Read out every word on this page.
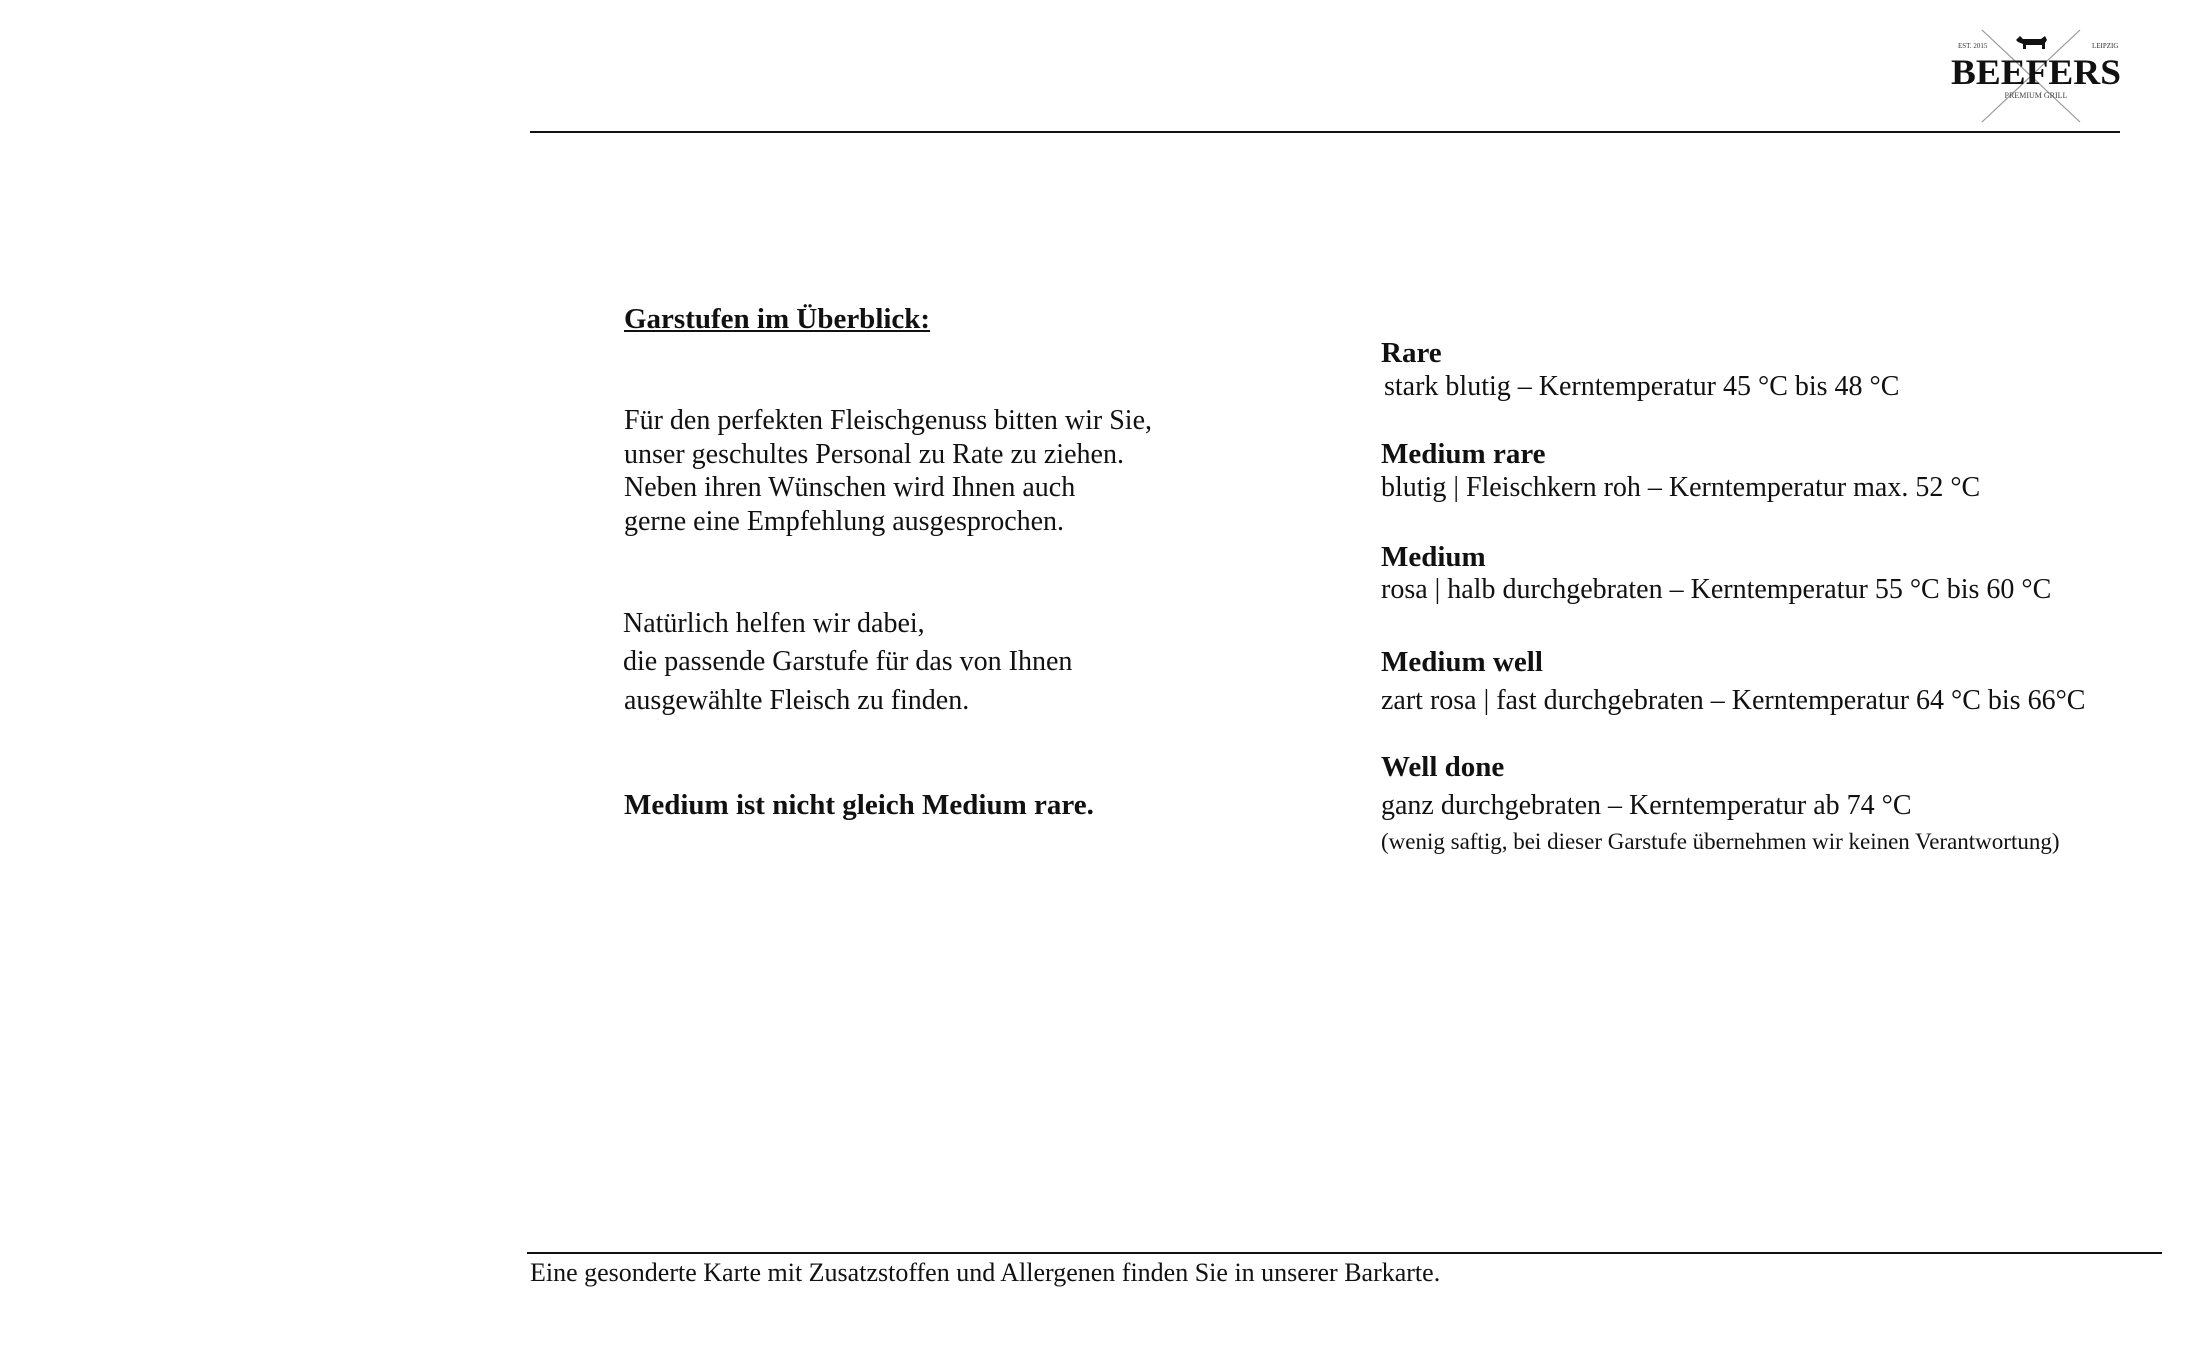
EST. 2015	LEIPZIG
BEEFERS
PREMIUM GRILL
Garstufen im Überblick:
Für den perfekten Fleischgenuss bitten wir Sie,
unser geschultes Personal zu Rate zu ziehen.
Neben ihren Wünschen wird Ihnen auch
gerne eine Empfehlung ausgesprochen.
Natürlich helfen wir dabei,
die passende Garstufe für das von Ihnen
ausgewählte Fleisch zu finden.
Medium ist nicht gleich Medium rare.
Rare
stark blutig – Kerntemperatur 45 °C bis 48 °C
Medium rare
blutig | Fleischkern roh – Kerntemperatur max. 52 °C
Medium
rosa | halb durchgebraten – Kerntemperatur 55 °C bis 60 °C
Medium well
zart rosa | fast durchgebraten – Kerntemperatur 64 °C bis 66°C
Well done
ganz durchgebraten – Kerntemperatur ab 74 °C
(wenig saftig, bei dieser Garstufe übernehmen wir keinen Verantwortung)
Eine gesonderte Karte mit Zusatzstoffen und Allergenen finden Sie in unserer Barkarte.
